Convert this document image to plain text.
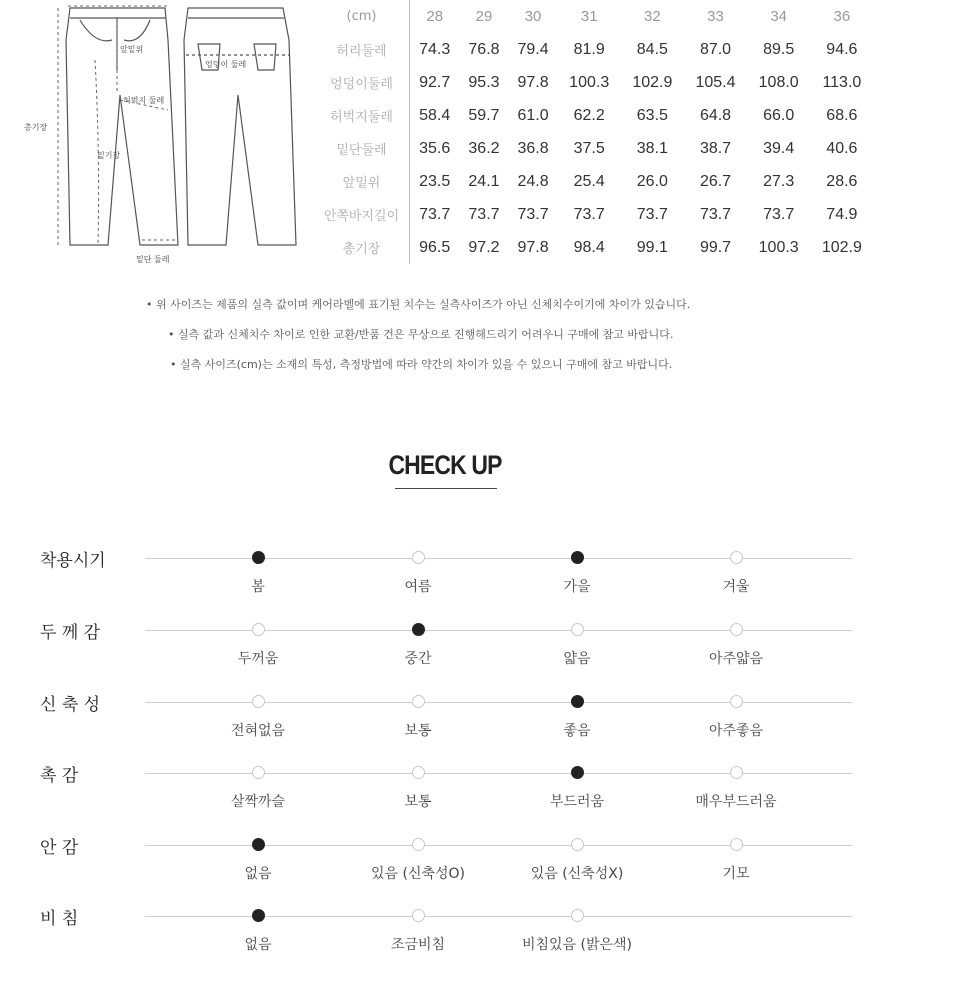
앞밑위
허벅지 둘레
총기장
밑기장
밑단 둘레
엉덩이 둘레
(cm)	28	29	30	31	32	33	34	36
허리둘레	74.3	76.8	79.4	81.9	84.5	87.0	89.5	94.6
엉덩이둘레	92.7	95.3	97.8	100.3	102.9	105.4	108.0	113.0
허벅지둘레	58.4	59.7	61.0	62.2	63.5	64.8	66.0	68.6
밑단둘레	35.6	36.2	36.8	37.5	38.1	38.7	39.4	40.6
앞밑위	23.5	24.1	24.8	25.4	26.0	26.7	27.3	28.6
안쪽바지길이	73.7	73.7	73.7	73.7	73.7	73.7	73.7	74.9
총기장	96.5	97.2	97.8	98.4	99.1	99.7	100.3	102.9
• 위 사이즈는 제품의 실측 값이며 케어라벨에 표기된 치수는 실측사이즈가 아닌 신체치수이기에 차이가 있습니다.
• 실측 값과 신체치수 차이로 인한 교환/반품 건은 무상으로 진행해드리기 어려우니 구매에 참고 바랍니다.
• 실측 사이즈(cm)는 소재의 특성, 측정방법에 따라 약간의 차이가 있을 수 있으니 구매에 참고 바랍니다.
CHECK UP
착용시기
봄	여름	가을	겨울
두 께 감
두꺼움	중간	얇음	아주얇음
신 축 성
전혀없음	보통	좋음	아주좋음
촉 감
살짝까슬	보통	부드러움	매우부드러움
안 감
없음	있음 (신축성O)	있음 (신축성X)	기모
비 침
없음	조금비침	비침있음 (밝은색)
